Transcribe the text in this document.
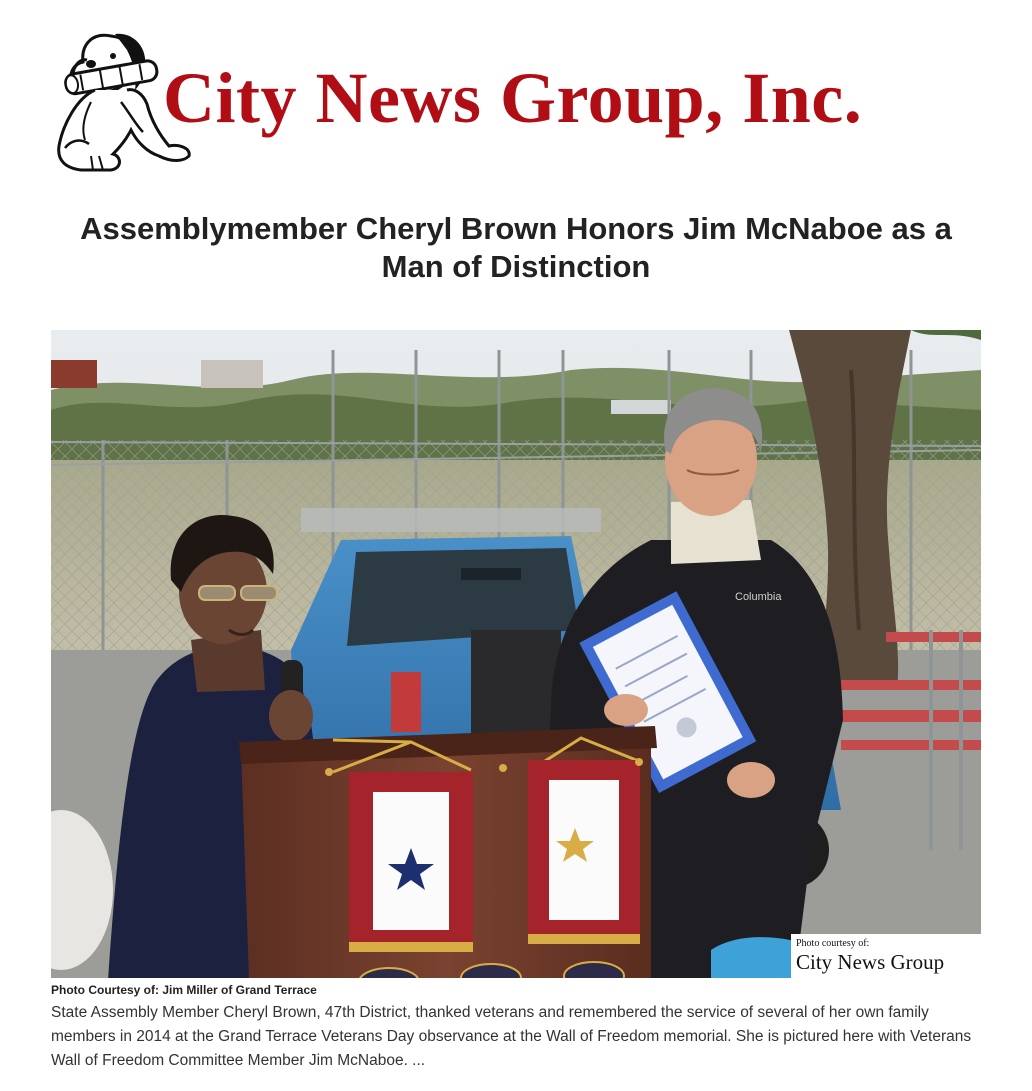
City News Group, Inc.
Assemblymember Cheryl Brown Honors Jim McNaboe as a Man of Distinction
Columbia
Photo courtesy of:
City News Group
Photo Courtesy of: Jim Miller of Grand Terrace

State Assembly Member Cheryl Brown, 47th District, thanked veterans and remembered the service of several of her own family members in 2014 at the Grand Terrace Veterans Day observance at the Wall of Freedom memorial. She is pictured here with Veterans Wall of Freedom Committee Member Jim McNaboe. ...
